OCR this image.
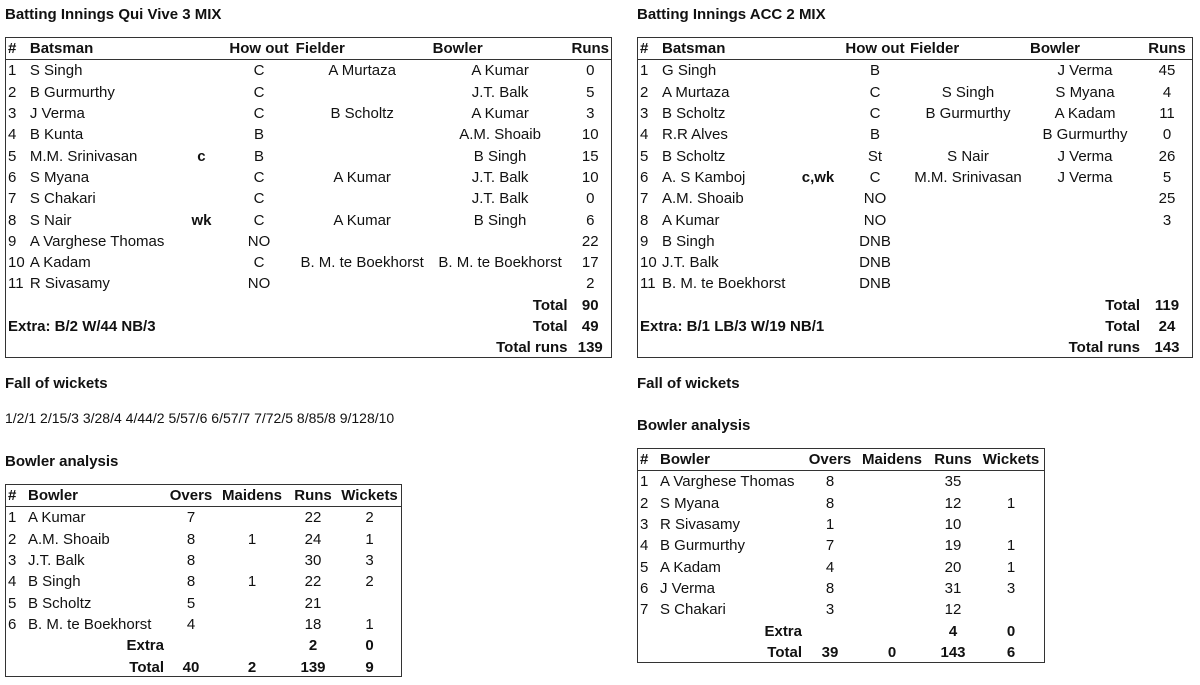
Batting Innings Qui Vive 3 MIX
#	Batsman		How out	Fielder	Bowler	Runs
1	S Singh		C	A Murtaza	A Kumar	0
2	B Gurmurthy		C		J.T. Balk	5
3	J Verma		C	B Scholtz	A Kumar	3
4	B Kunta		B		A.M. Shoaib	10
5	M.M. Srinivasan	c	B		B Singh	15
6	S Myana		C	A Kumar	J.T. Balk	10
7	S Chakari		C		J.T. Balk	0
8	S Nair	wk	C	A Kumar	B Singh	6
9	A Varghese Thomas		NO			22
10	A Kadam		C	B. M. te Boekhorst	B. M. te Boekhorst	17
11	R Sivasamy		NO			2
Total						90
Extra: B/2 W/44 NB/3				Total		49
Total runs						139
Fall of wickets
1/2/1 2/15/3 3/28/4 4/44/2 5/57/6 6/57/7 7/72/5 8/85/8 9/128/10
Bowler analysis
#	Bowler	Overs	Maidens	Runs	Wickets
1	A Kumar	7		22	2
2	A.M. Shoaib	8	1	24	1
3	J.T. Balk	8		30	3
4	B Singh	8	1	22	2
5	B Scholtz	5		21	
6	B. M. te Boekhorst	4		18	1
Extra				2	0
Total		40	2	139	9
Batting Innings ACC 2 MIX
#	Batsman		How out	Fielder	Bowler	Runs
1	G Singh		B		J Verma	45
2	A Murtaza		C	S Singh	S Myana	4
3	B Scholtz		C	B Gurmurthy	A Kadam	11
4	R.R Alves		B		B Gurmurthy	0
5	B Scholtz		St	S Nair	J Verma	26
6	A. S Kamboj	c,wk	C	M.M. Srinivasan	J Verma	5
7	A.M. Shoaib		NO			25
8	A Kumar		NO			3
9	B Singh		DNB			
10	J.T. Balk		DNB			
11	B. M. te Boekhorst		DNB			
Total						119
Extra: B/1 LB/3 W/19 NB/1				Total		24
Total runs						143
Fall of wickets
Bowler analysis
#	Bowler	Overs	Maidens	Runs	Wickets
1	A Varghese Thomas	8		35	
2	S Myana	8		12	1
3	R Sivasamy	1		10	
4	B Gurmurthy	7		19	1
5	A Kadam	4		20	1
6	J Verma	8		31	3
7	S Chakari	3		12	
Extra				4	0
Total		39	0	143	6
